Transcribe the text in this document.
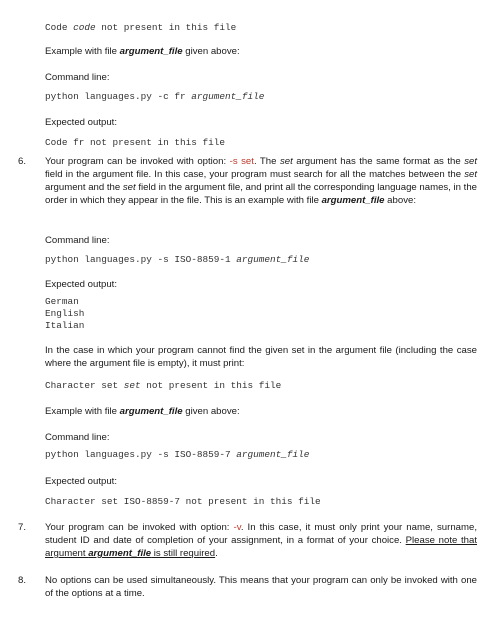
Code code not present in this file
Example with file argument_file given above:
Command line:
python languages.py -c fr argument_file
Expected output:
Code fr not present in this file
6. Your program can be invoked with option: -s set. The set argument has the same format as the set field in the argument file. In this case, your program must search for all the matches between the set argument and the set field in the argument file, and print all the corresponding language names, in the order in which they appear in the file. This is an example with file argument_file above:
Command line:
python languages.py -s ISO-8859-1 argument_file
Expected output:
German
English
Italian
In the case in which your program cannot find the given set in the argument file (including the case where the argument file is empty), it must print:
Character set set not present in this file
Example with file argument_file given above:
Command line:
python languages.py -s ISO-8859-7 argument_file
Expected output:
Character set ISO-8859-7 not present in this file
7. Your program can be invoked with option: -v. In this case, it must only print your name, surname, student ID and date of completion of your assignment, in a format of your choice. Please note that argument argument_file is still required.
8. No options can be used simultaneously. This means that your program can only be invoked with one of the options at a time.
